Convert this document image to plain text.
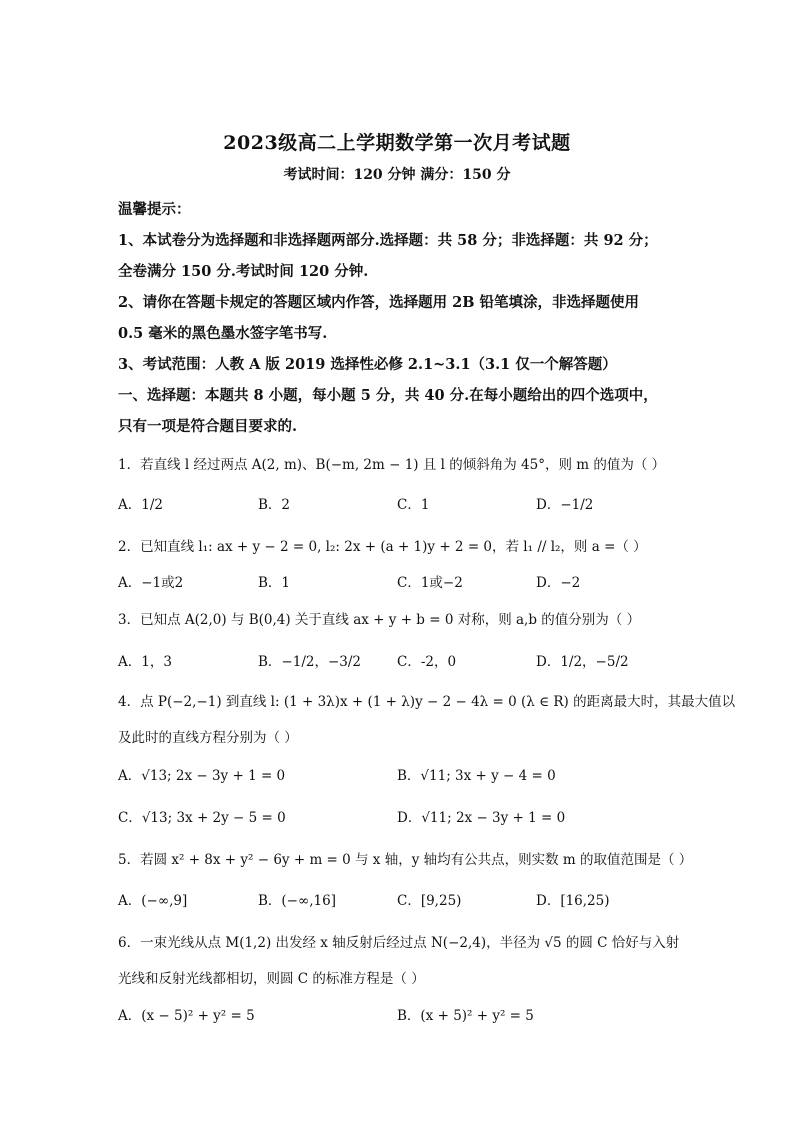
2023级高二上学期数学第一次月考试题
考试时间：120 分钟 满分：150 分
温馨提示：
1、本试卷分为选择题和非选择题两部分.选择题：共 58 分；非选择题：共 92 分；
全卷满分 150 分.考试时间 120 分钟.
2、请你在答题卡规定的答题区域内作答，选择题用 2B 铅笔填涂，非选择题使用
0.5 毫米的黑色墨水签字笔书写.
3、考试范围：人教 A 版 2019 选择性必修 2.1~3.1（3.1 仅一个解答题）
一、选择题：本题共 8 小题，每小题 5 分，共 40 分.在每小题给出的四个选项中，
只有一项是符合题目要求的.
1．若直线 l 经过两点 A(2, m)、B(−m, 2m − 1) 且 l 的倾斜角为 45°，则 m 的值为（ ）
A．1/2	B．2	C．1	D．−1/2
2．已知直线 l₁: ax + y − 2 = 0, l₂: 2x + (a + 1)y + 2 = 0，若 l₁ // l₂，则 a =（ ）
A．−1或2	B．1	C．1或−2	D．−2
3．已知点 A(2,0) 与 B(0,4) 关于直线 ax + y + b = 0 对称，则 a,b 的值分别为（ ）
A．1，3	B．−1/2，−3/2	C．-2，0	D．1/2，−5/2
4．点 P(−2,−1) 到直线 l: (1 + 3λ)x + (1 + λ)y − 2 − 4λ = 0 (λ ∈ R) 的距离最大时，其最大值以
及此时的直线方程分别为（ ）
A．√13; 2x − 3y + 1 = 0	B．√11; 3x + y − 4 = 0
C．√13; 3x + 2y − 5 = 0	D．√11; 2x − 3y + 1 = 0
5．若圆 x² + 8x + y² − 6y + m = 0 与 x 轴，y 轴均有公共点，则实数 m 的取值范围是（ ）
A．(−∞,9]	B．(−∞,16]	C．[9,25)	D．[16,25)
6．一束光线从点 M(1,2) 出发经 x 轴反射后经过点 N(−2,4)，半径为 √5 的圆 C 恰好与入射
光线和反射光线都相切，则圆 C 的标准方程是（ ）
A．(x − 5)² + y² = 5	B．(x + 5)² + y² = 5
